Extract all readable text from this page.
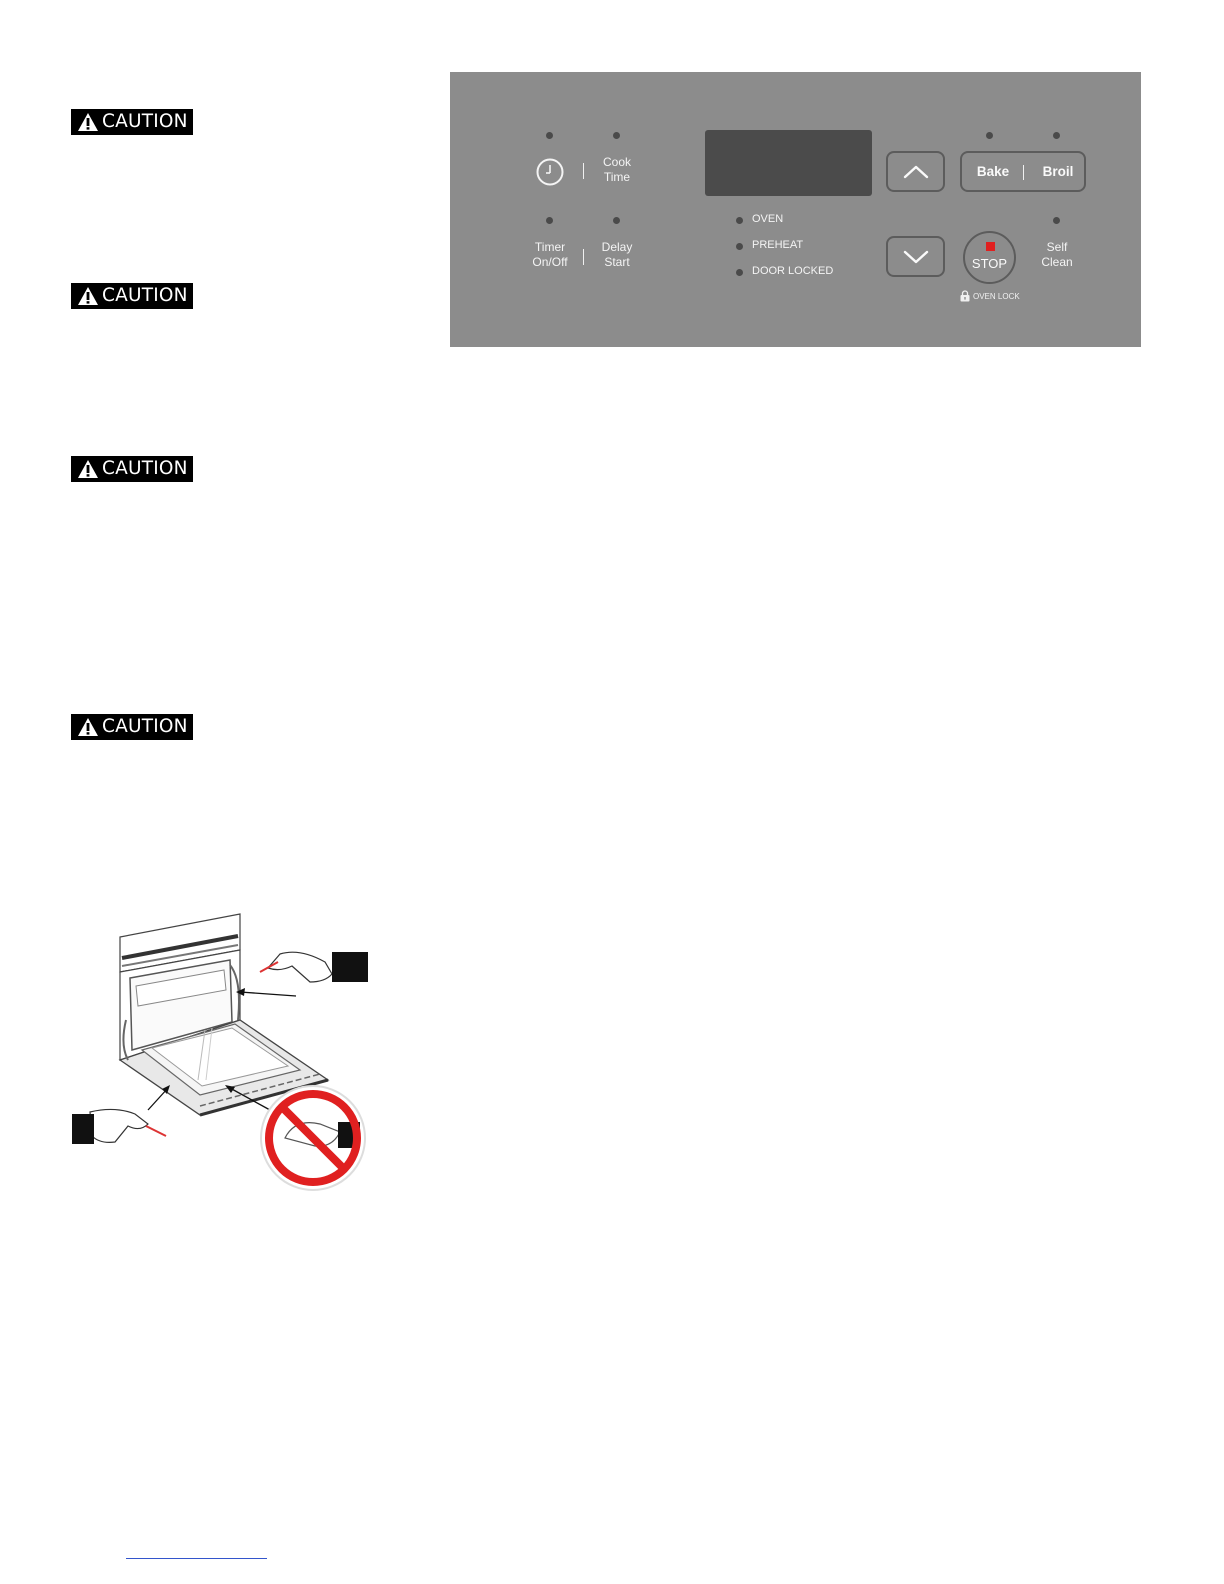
CAUTION
CAUTION
CAUTION
CAUTION
Cook
Time
Timer
On/Off
Delay
Start
OVEN
PREHEAT
DOOR LOCKED
Bake	Broil
STOP
OVEN LOCK
Self
Clean
